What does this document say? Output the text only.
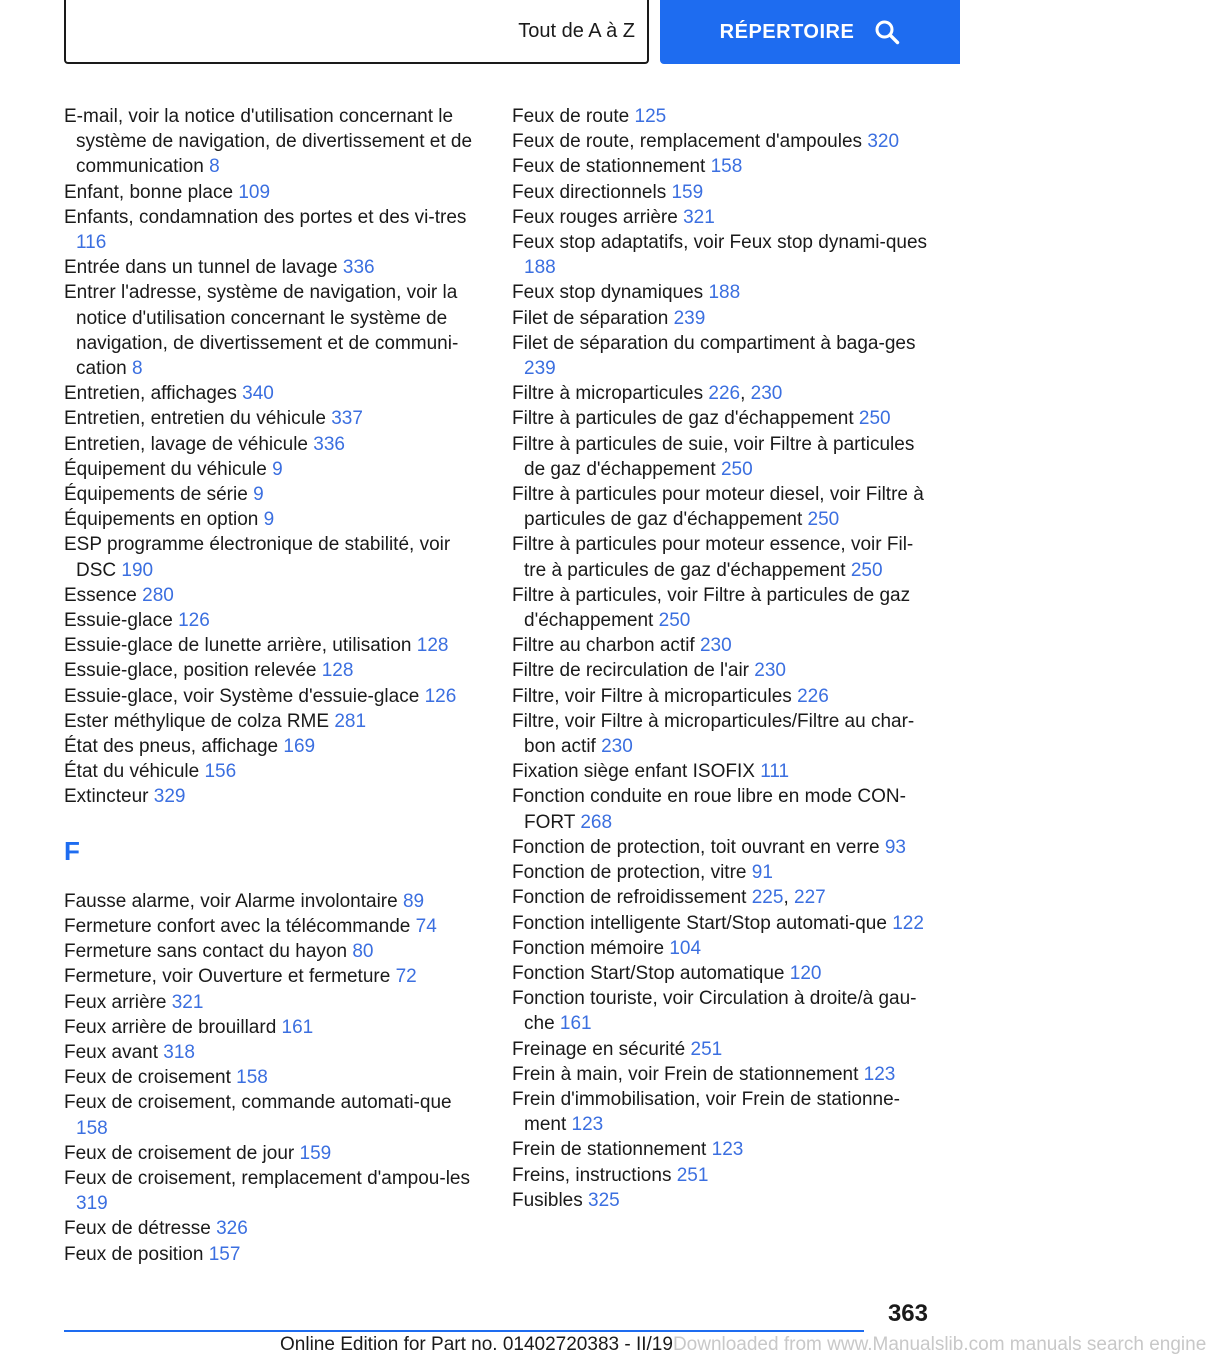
Tout de A à Z	RÉPERTOIRE
E-mail, voir la notice d'utilisation concernant le système de navigation, de divertissement et de communication 8
Enfant, bonne place 109
Enfants, condamnation des portes et des vi-tres 116
Entrée dans un tunnel de lavage 336
Entrer l'adresse, système de navigation, voir la notice d'utilisation concernant le système de navigation, de divertissement et de communi-cation 8
Entretien, affichages 340
Entretien, entretien du véhicule 337
Entretien, lavage de véhicule 336
Équipement du véhicule 9
Équipements de série 9
Équipements en option 9
ESP programme électronique de stabilité, voir DSC 190
Essence 280
Essuie-glace 126
Essuie-glace de lunette arrière, utilisation 128
Essuie-glace, position relevée 128
Essuie-glace, voir Système d'essuie-glace 126
Ester méthylique de colza RME 281
État des pneus, affichage 169
État du véhicule 156
Extincteur 329
F
Fausse alarme, voir Alarme involontaire 89
Fermeture confort avec la télécommande 74
Fermeture sans contact du hayon 80
Fermeture, voir Ouverture et fermeture 72
Feux arrière 321
Feux arrière de brouillard 161
Feux avant 318
Feux de croisement 158
Feux de croisement, commande automati-que 158
Feux de croisement de jour 159
Feux de croisement, remplacement d'ampou-les 319
Feux de détresse 326
Feux de position 157
Feux de route 125
Feux de route, remplacement d'ampoules 320
Feux de stationnement 158
Feux directionnels 159
Feux rouges arrière 321
Feux stop adaptatifs, voir Feux stop dynami-ques 188
Feux stop dynamiques 188
Filet de séparation 239
Filet de séparation du compartiment à baga-ges 239
Filtre à microparticules 226, 230
Filtre à particules de gaz d'échappement 250
Filtre à particules de suie, voir Filtre à particules de gaz d'échappement 250
Filtre à particules pour moteur diesel, voir Filtre à particules de gaz d'échappement 250
Filtre à particules pour moteur essence, voir Fil-tre à particules de gaz d'échappement 250
Filtre à particules, voir Filtre à particules de gaz d'échappement 250
Filtre au charbon actif 230
Filtre de recirculation de l'air 230
Filtre, voir Filtre à microparticules 226
Filtre, voir Filtre à microparticules/Filtre au char-bon actif 230
Fixation siège enfant ISOFIX 111
Fonction conduite en roue libre en mode CON-FORT 268
Fonction de protection, toit ouvrant en verre 93
Fonction de protection, vitre 91
Fonction de refroidissement 225, 227
Fonction intelligente Start/Stop automati-que 122
Fonction mémoire 104
Fonction Start/Stop automatique 120
Fonction touriste, voir Circulation à droite/à gau-che 161
Freinage en sécurité 251
Frein à main, voir Frein de stationnement 123
Frein d'immobilisation, voir Frein de stationne-ment 123
Frein de stationnement 123
Freins, instructions 251
Fusibles 325
363
Online Edition for Part no. 01402720383 - II/19Downloaded from www.Manualslib.com manuals search engine
